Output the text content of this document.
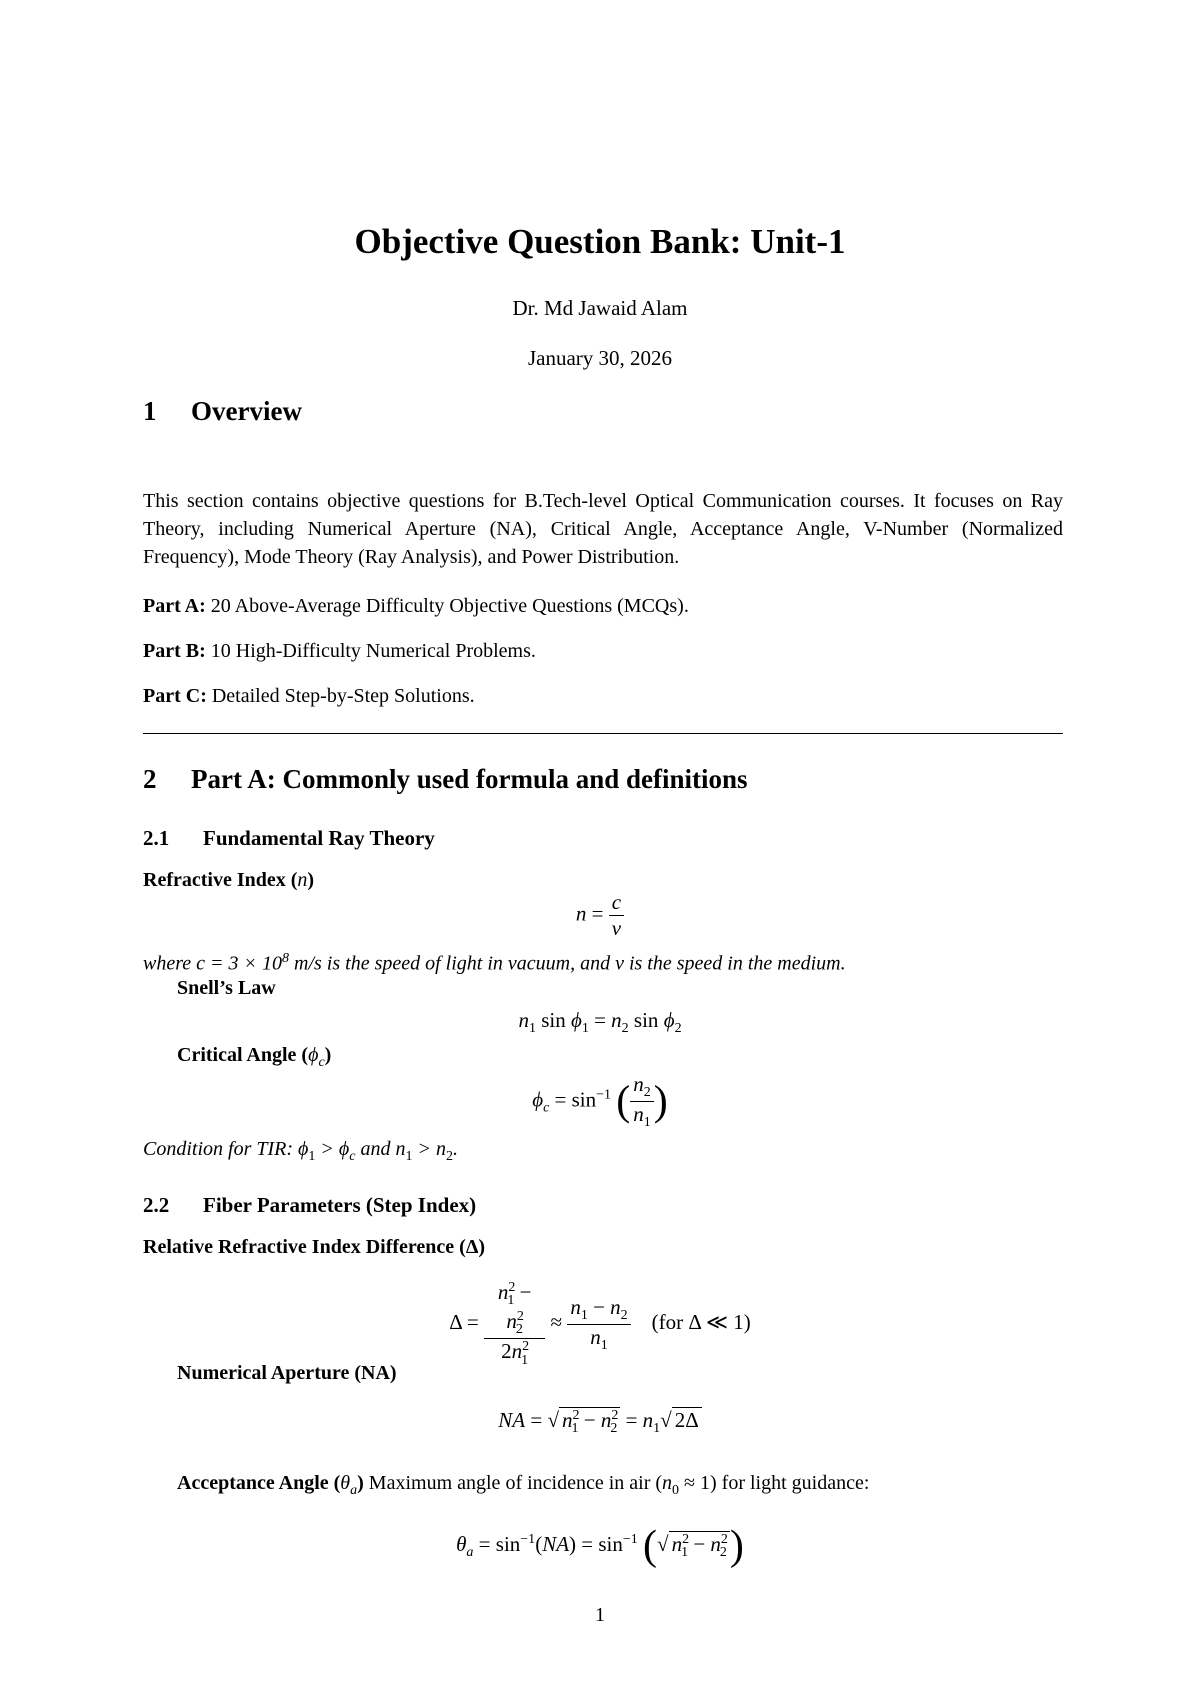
Objective Question Bank: Unit-1
Dr. Md Jawaid Alam
January 30, 2026
1 Overview
This section contains objective questions for B.Tech-level Optical Communication courses. It focuses on Ray Theory, including Numerical Aperture (NA), Critical Angle, Acceptance Angle, V-Number (Normalized Frequency), Mode Theory (Ray Analysis), and Power Distribution.
Part A: 20 Above-Average Difficulty Objective Questions (MCQs).
Part B: 10 High-Difficulty Numerical Problems.
Part C: Detailed Step-by-Step Solutions.
2 Part A: Commonly used formula and definitions
2.1 Fundamental Ray Theory
Refractive Index (n)
$n = \frac{c}{v}$
where $c = 3 \times 10^8$ m/s is the speed of light in vacuum, and v is the speed in the medium.
Snell’s Law
$n_1$ $\sin \phi_1 = n_2$ $\sin \phi_2$
Critical Angle $(\phi_c)$
$\phi_c = \sin^{-1}$ ( $\frac{n_2}{n_1}$ )
Condition for TIR: $\phi_1 > \phi_c$ and $n_1 > n_2$.
2.2 Fiber Parameters (Step Index)
Relative Refractive Index Difference (Δ)
$\Delta = \frac{n^2_1 - n^2_2}{2n^2_1} \approx \frac{n_1 - n_2}{n_1} (for$ Δ ≪ 1)
Numerical Aperture (NA)
NA = √ $n^2_1 - n^2_2 = n_1√$ 2Δ
Acceptance Angle $(\theta_a)$ Maximum angle of incidence in air $(n_0 \approx 1)$ for light guidance:
$\theta_a = \sin^{-1}(NA) = \sin^{-1}$ (√ $n^2_1 - n^2_2$)
1
